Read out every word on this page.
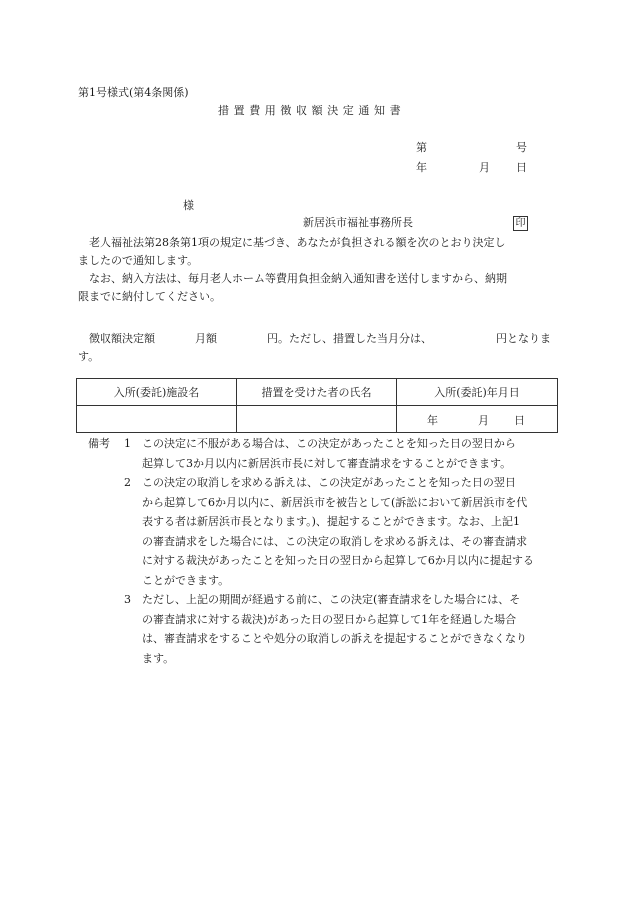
第1号様式(第4条関係)
措置費用徴収額決定通知書
第	号
年	月 日
様
新居浜市福祉事務所長	印
老人福祉法第28条第1項の規定に基づき、あなたが負担される額を次のとおり決定し
ましたので通知します。
なお、納入方法は、毎月老人ホーム等費用負担金納入通知書を送付しますから、納期
限までに納付してください。
徴収額決定額	月額	円。ただし、措置した当月分は、	円となりま
す。
入所(委託)施設名	措置を受けた者の氏名	入所(委託)年月日

		年 月 日
備考 1 この決定に不服がある場合は、この決定があったことを知った日の翌日から
起算して3か月以内に新居浜市長に対して審査請求をすることができます。
2 この決定の取消しを求める訴えは、この決定があったことを知った日の翌日
から起算して6か月以内に、新居浜市を被告として(訴訟において新居浜市を代
表する者は新居浜市長となります。)、提起することができます。なお、上記1
の審査請求をした場合には、この決定の取消しを求める訴えは、その審査請求
に対する裁決があったことを知った日の翌日から起算して6か月以内に提起する
ことができます。
3 ただし、上記の期間が経過する前に、この決定(審査請求をした場合には、そ
の審査請求に対する裁決)があった日の翌日から起算して1年を経過した場合
は、審査請求をすることや処分の取消しの訴えを提起することができなくなり
ます。
